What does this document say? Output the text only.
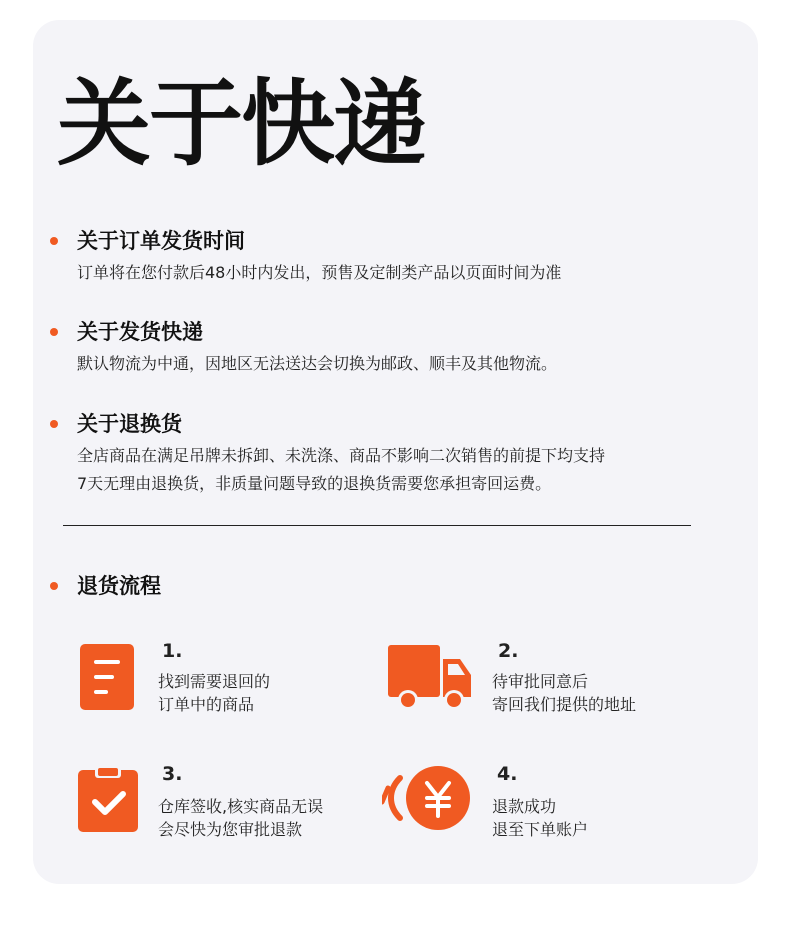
关于快递
关于订单发货时间
订单将在您付款后48小时内发出，预售及定制类产品以页面时间为准
关于发货快递
默认物流为中通，因地区无法送达会切换为邮政、顺丰及其他物流。
关于退换货
全店商品在满足吊牌未拆卸、未洗涤、商品不影响二次销售的前提下均支持
7天无理由退换货，非质量问题导致的退换货需要您承担寄回运费。
退货流程
1.
找到需要退回的
订单中的商品
2.
待审批同意后
寄回我们提供的地址
3.
仓库签收,核实商品无误
会尽快为您审批退款
4.
退款成功
退至下单账户
